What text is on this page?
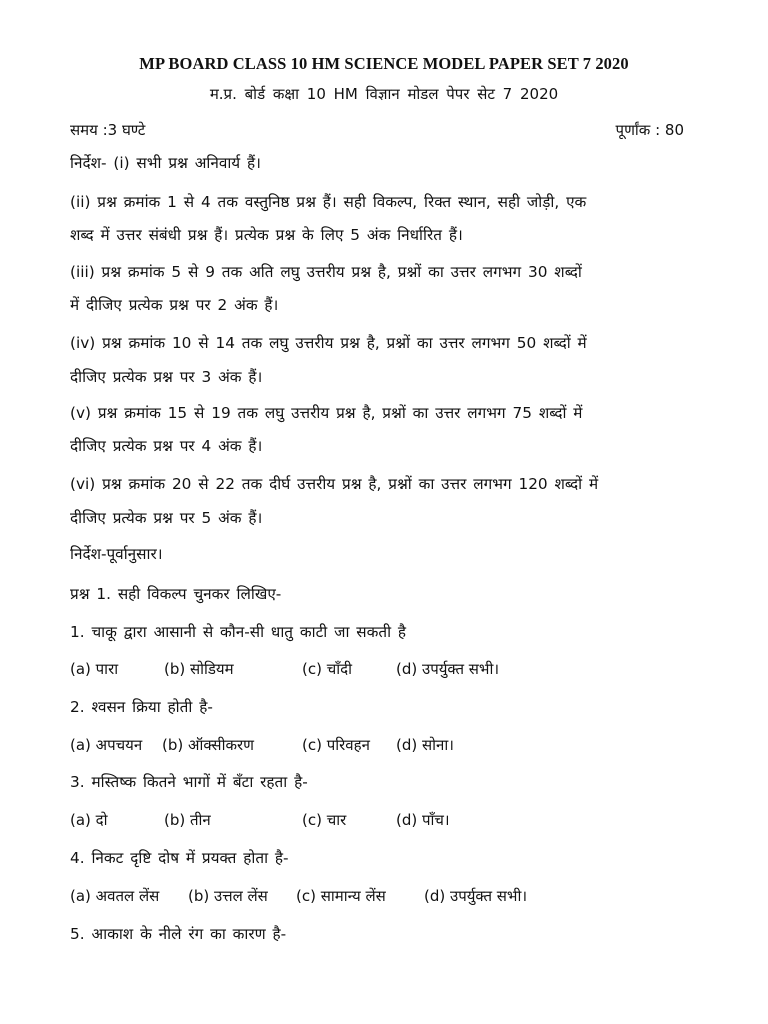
MP BOARD CLASS 10 HM SCIENCE MODEL PAPER SET 7 2020
म.प्र. बोर्ड कक्षा 10 HM विज्ञान मोडल पेपर सेट 7 2020
समय :3 घण्टे	पूर्णांक : 80
निर्देश- (i) सभी प्रश्न अनिवार्य हैं।
(ii) प्रश्न क्रमांक 1 से 4 तक वस्तुनिष्ठ प्रश्न हैं। सही विकल्प, रिक्त स्थान, सही जोड़ी, एक
शब्द में उत्तर संबंधी प्रश्न हैं। प्रत्येक प्रश्न के लिए 5 अंक निर्धारित हैं।
(iii) प्रश्न क्रमांक 5 से 9 तक अति लघु उत्तरीय प्रश्न है, प्रश्नों का उत्तर लगभग 30 शब्दों
में दीजिए प्रत्येक प्रश्न पर 2 अंक हैं।
(iv) प्रश्न क्रमांक 10 से 14 तक लघु उत्तरीय प्रश्न है, प्रश्नों का उत्तर लगभग 50 शब्दों में
दीजिए प्रत्येक प्रश्न पर 3 अंक हैं।
(v) प्रश्न क्रमांक 15 से 19 तक लघु उत्तरीय प्रश्न है, प्रश्नों का उत्तर लगभग 75 शब्दों में
दीजिए प्रत्येक प्रश्न पर 4 अंक हैं।
(vi) प्रश्न क्रमांक 20 से 22 तक दीर्घ उत्तरीय प्रश्न है, प्रश्नों का उत्तर लगभग 120 शब्दों में
दीजिए प्रत्येक प्रश्न पर 5 अंक हैं।
निर्देश-पूर्वानुसार।
प्रश्न 1. सही विकल्प चुनकर लिखिए-
1. चाकू द्वारा आसानी से कौन-सी धातु काटी जा सकती है
(a) पारा	(b) सोडियम	(c) चाँदी	(d) उपर्युक्त सभी।
2. श्वसन क्रिया होती है-
(a) अपचयन (b) ऑक्सीकरण	(c) परिवहन (d) सोना।
3. मस्तिष्क कितने भागों में बँटा रहता है-
(a) दो	(b) तीन	(c) चार	(d) पाँच।
4. निकट दृष्टि दोष में प्रयक्त होता है-
(a) अवतल लेंस (b) उत्तल लेंस (c) सामान्य लेंस	(d) उपर्युक्त सभी।
5. आकाश के नीले रंग का कारण है-
